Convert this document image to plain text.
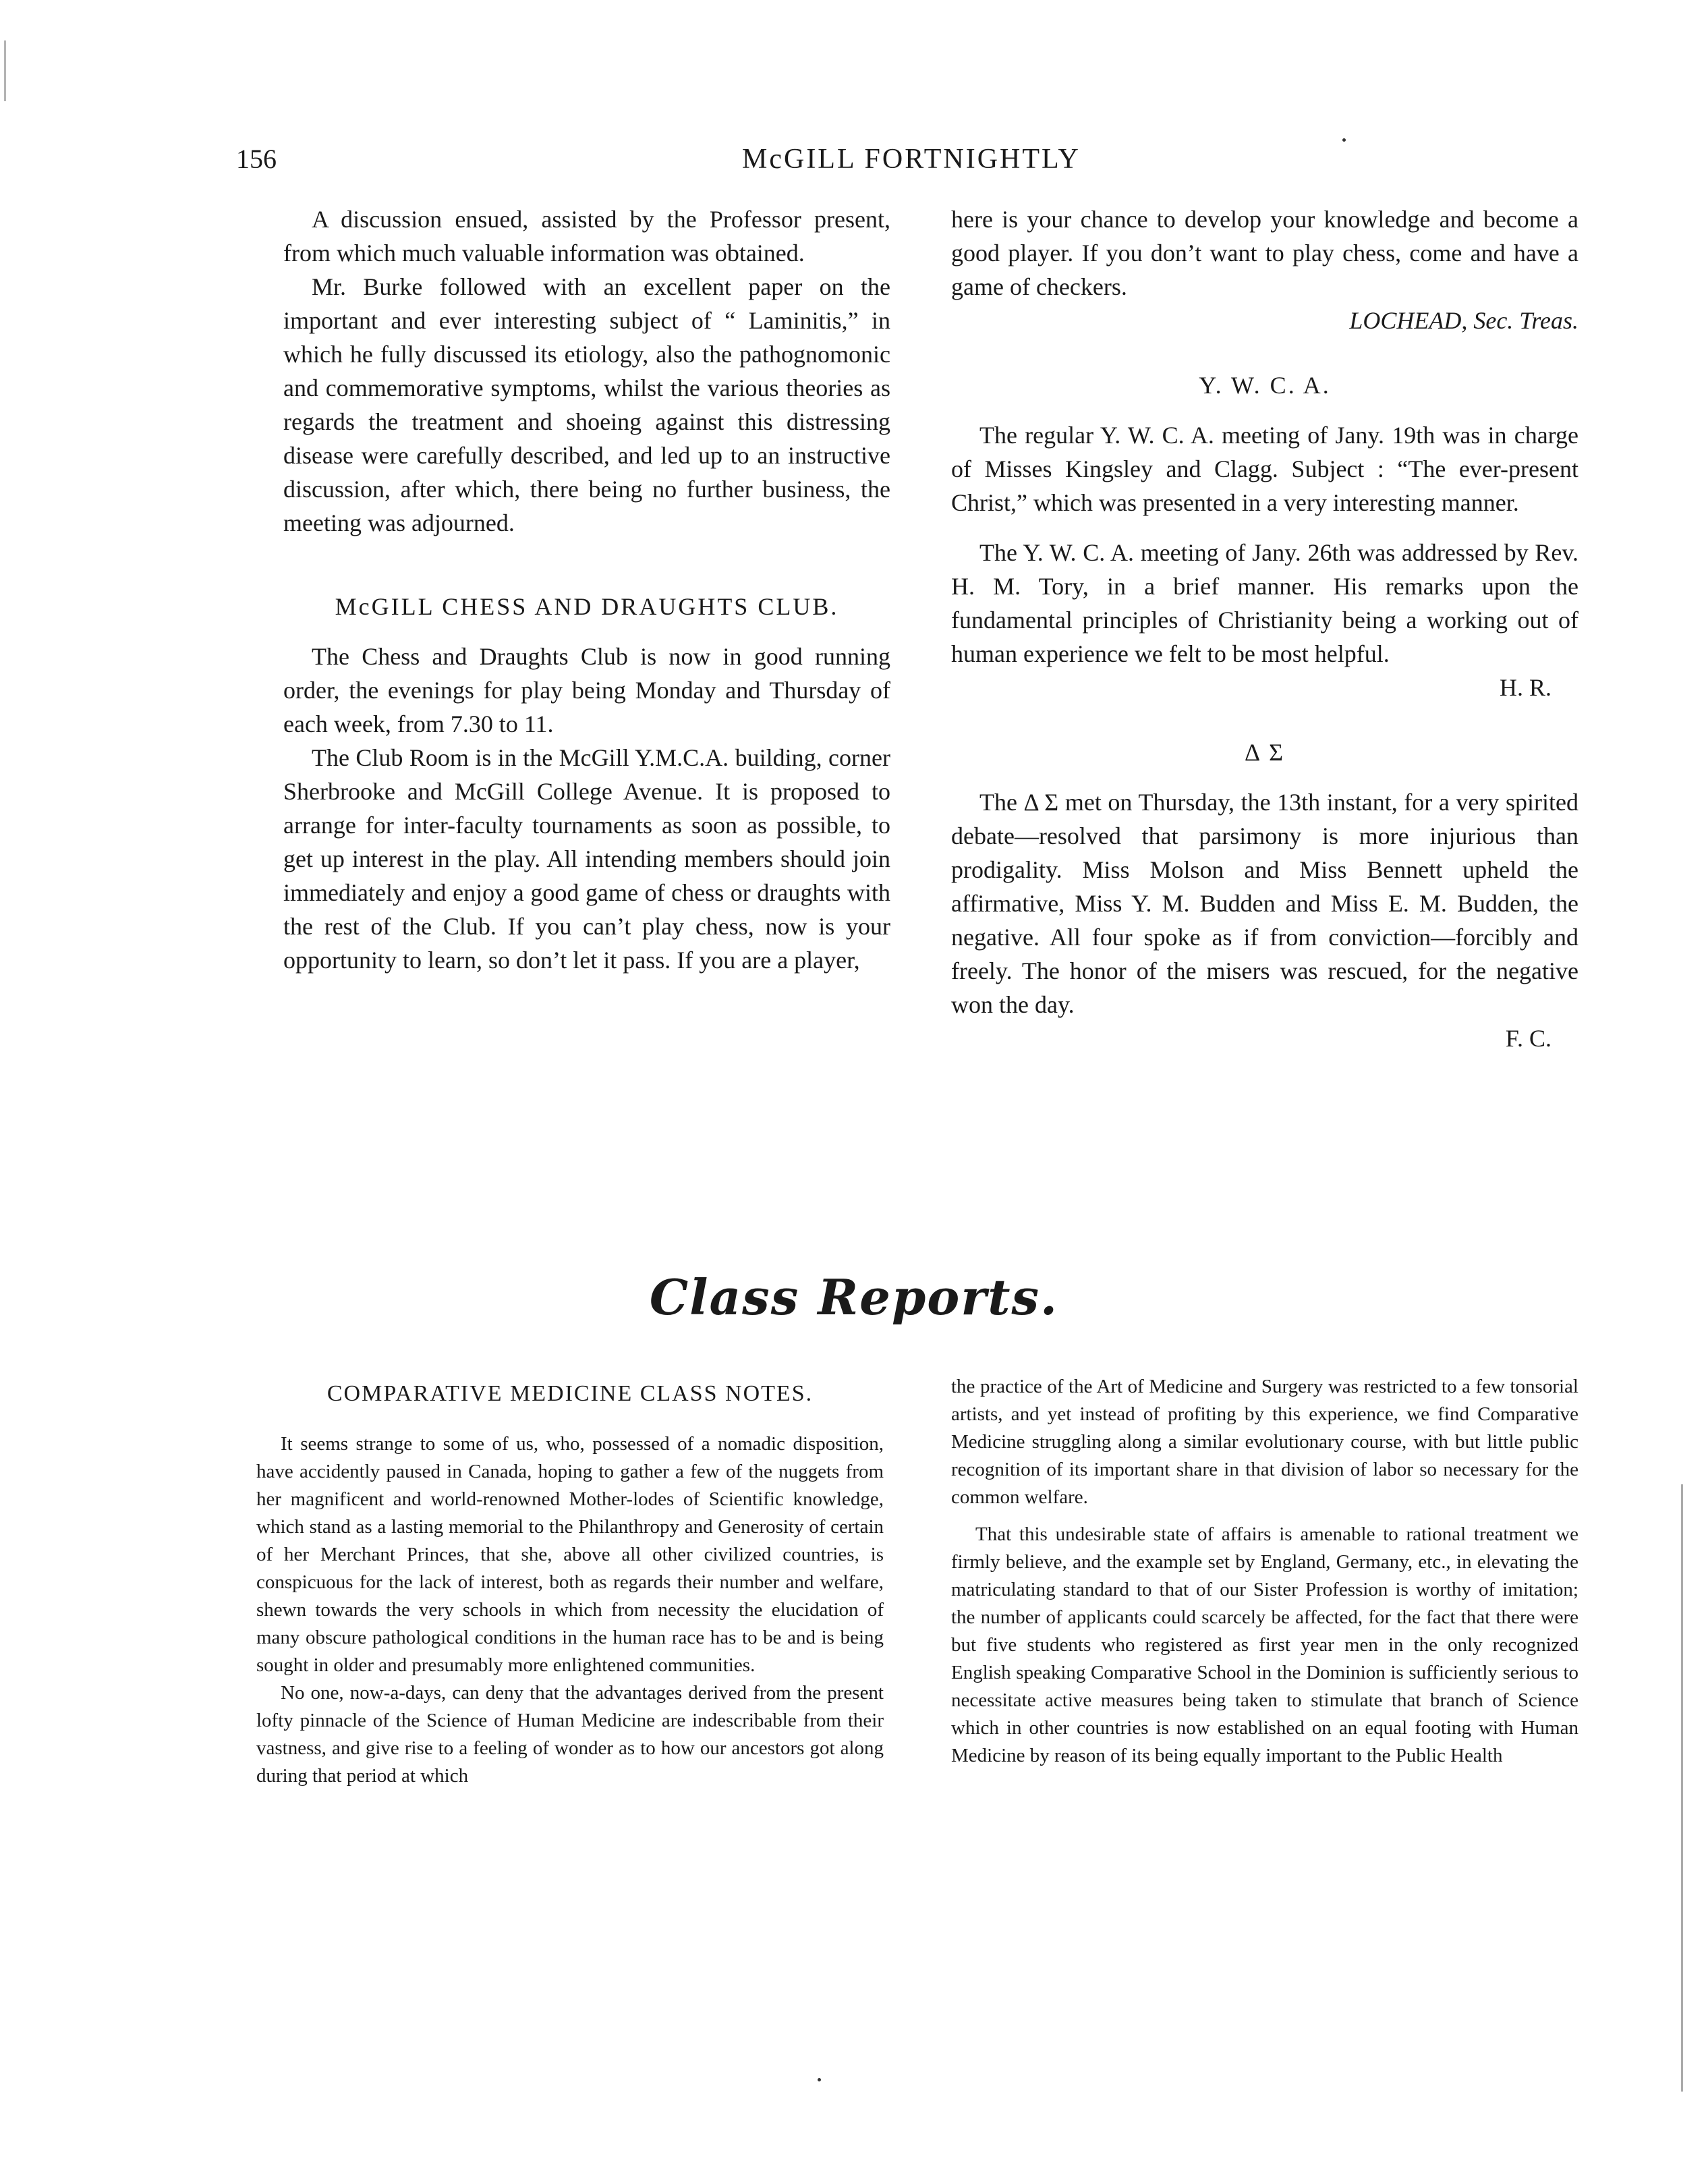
156	McGILL FORTNIGHTLY

A discussion ensued, assisted by the Professor present, from which much valuable information was obtained.

Mr. Burke followed with an excellent paper on the important and ever interesting subject of “ Laminitis,” in which he fully discussed its etiology, also the pathognomonic and commemorative symptoms, whilst the various theories as regards the treatment and shoeing against this distressing disease were carefully described, and led up to an instructive discussion, after which, there being no further business, the meeting was adjourned.

McGILL CHESS AND DRAUGHTS CLUB.

The Chess and Draughts Club is now in good running order, the evenings for play being Monday and Thursday of each week, from 7.30 to 11.

The Club Room is in the McGill Y.M.C.A. building, corner Sherbrooke and McGill College Avenue. It is proposed to arrange for inter-faculty tournaments as soon as possible, to get up interest in the play. All intending members should join immediately and enjoy a good game of chess or draughts with the rest of the Club. If you can’t play chess, now is your opportunity to learn, so don’t let it pass. If you are a player,

here is your chance to develop your knowledge and become a good player. If you don’t want to play chess, come and have a game of checkers.

LOCHEAD, Sec. Treas.

Y. W. C. A.

The regular Y. W. C. A. meeting of Jany. 19th was in charge of Misses Kingsley and Clagg. Subject : “The ever-present Christ,” which was presented in a very interesting manner.

The Y. W. C. A. meeting of Jany. 26th was addressed by Rev. H. M. Tory, in a brief manner. His remarks upon the fundamental principles of Christianity being a working out of human experience we felt to be most helpful.

H. R.

Δ Σ

The Δ Σ met on Thursday, the 13th instant, for a very spirited debate—resolved that parsimony is more injurious than prodigality. Miss Molson and Miss Bennett upheld the affirmative, Miss Y. M. Budden and Miss E. M. Budden, the negative. All four spoke as if from conviction—forcibly and freely. The honor of the misers was rescued, for the negative won the day.

F. C.

Class Reports.

COMPARATIVE MEDICINE CLASS NOTES.

It seems strange to some of us, who, possessed of a nomadic disposition, have accidently paused in Canada, hoping to gather a few of the nuggets from her magnificent and world-renowned Mother-lodes of Scientific knowledge, which stand as a lasting memorial to the Philanthropy and Generosity of certain of her Merchant Princes, that she, above all other civilized countries, is conspicuous for the lack of interest, both as regards their number and welfare, shewn towards the very schools in which from necessity the elucidation of many obscure pathological conditions in the human race has to be and is being sought in older and presumably more enlightened communities.

No one, now-a-days, can deny that the advantages derived from the present lofty pinnacle of the Science of Human Medicine are indescribable from their vastness, and give rise to a feeling of wonder as to how our ancestors got along during that period at which

the practice of the Art of Medicine and Surgery was restricted to a few tonsorial artists, and yet instead of profiting by this experience, we find Comparative Medicine struggling along a similar evolutionary course, with but little public recognition of its important share in that division of labor so necessary for the common welfare.

That this undesirable state of affairs is amenable to rational treatment we firmly believe, and the example set by England, Germany, etc., in elevating the matriculating standard to that of our Sister Profession is worthy of imitation; the number of applicants could scarcely be affected, for the fact that there were but five students who registered as first year men in the only recognized English speaking Comparative School in the Dominion is sufficiently serious to necessitate active measures being taken to stimulate that branch of Science which in other countries is now established on an equal footing with Human Medicine by reason of its being equally important to the Public Health
